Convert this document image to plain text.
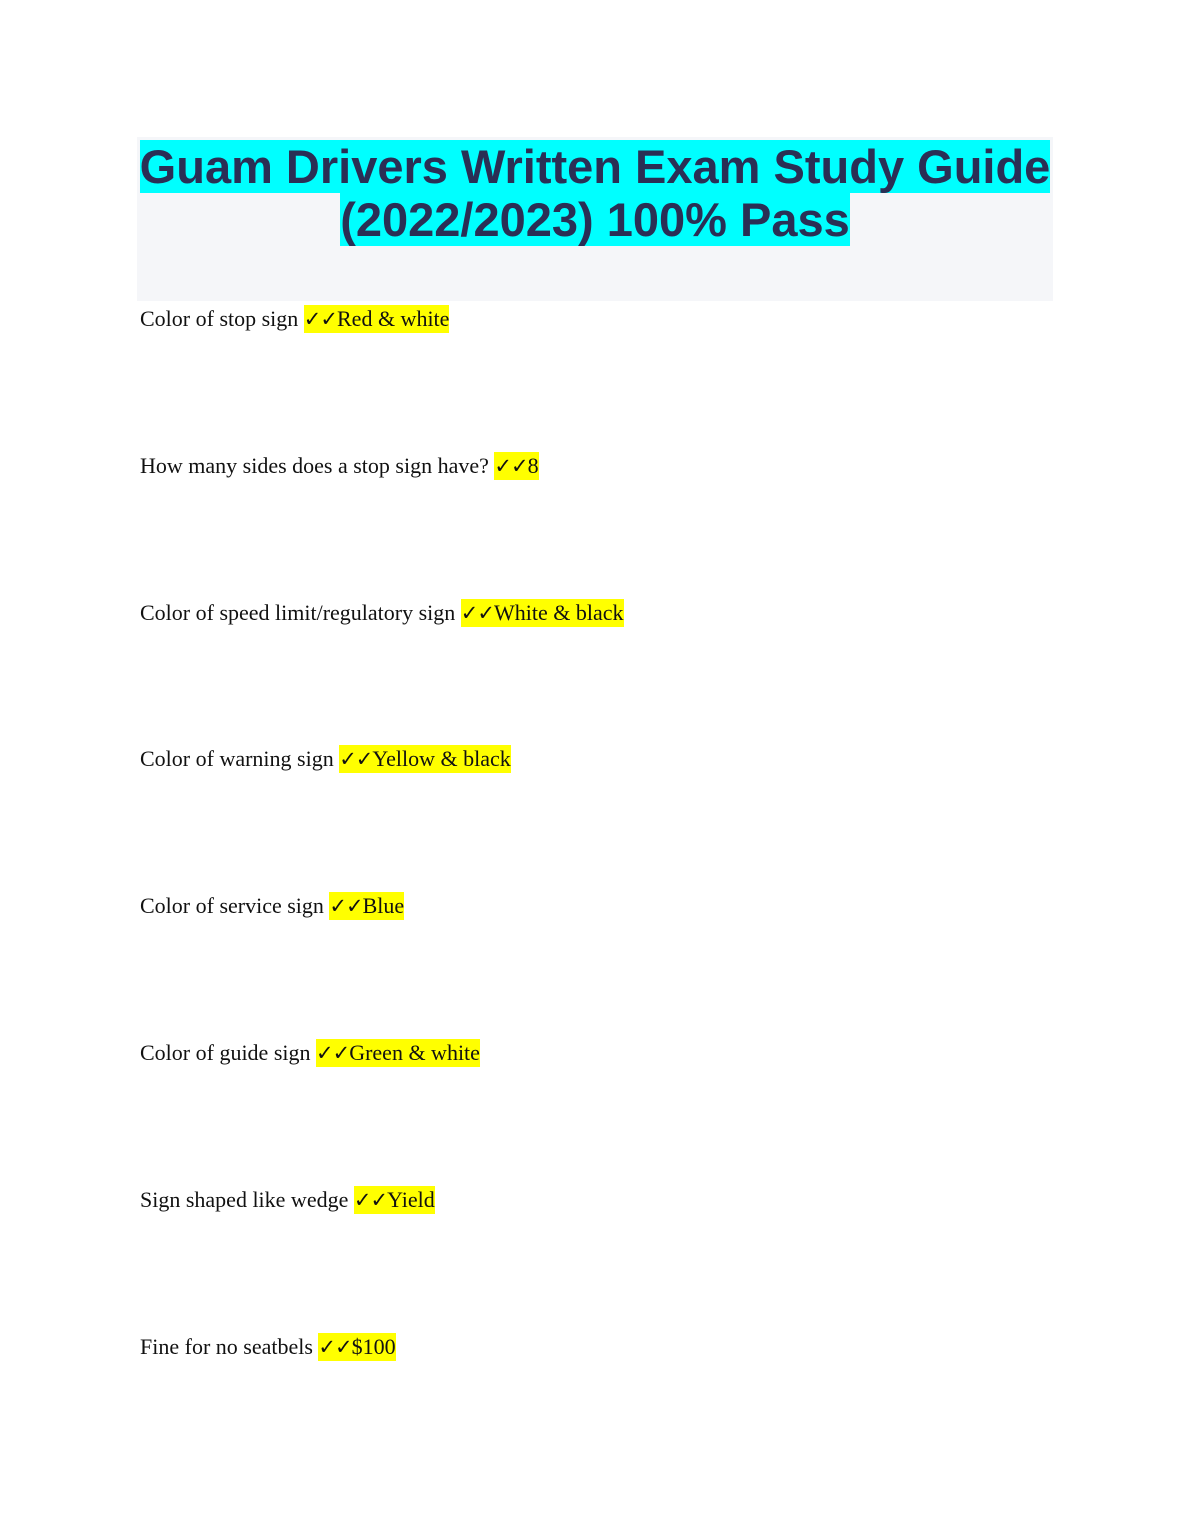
Guam Drivers Written Exam Study Guide
(2022/2023) 100% Pass
Color of stop sign ✓✓Red & white
How many sides does a stop sign have? ✓✓8
Color of speed limit/regulatory sign ✓✓White & black
Color of warning sign ✓✓Yellow & black
Color of service sign ✓✓Blue
Color of guide sign ✓✓Green & white
Sign shaped like wedge ✓✓Yield
Fine for no seatbels ✓✓$100
